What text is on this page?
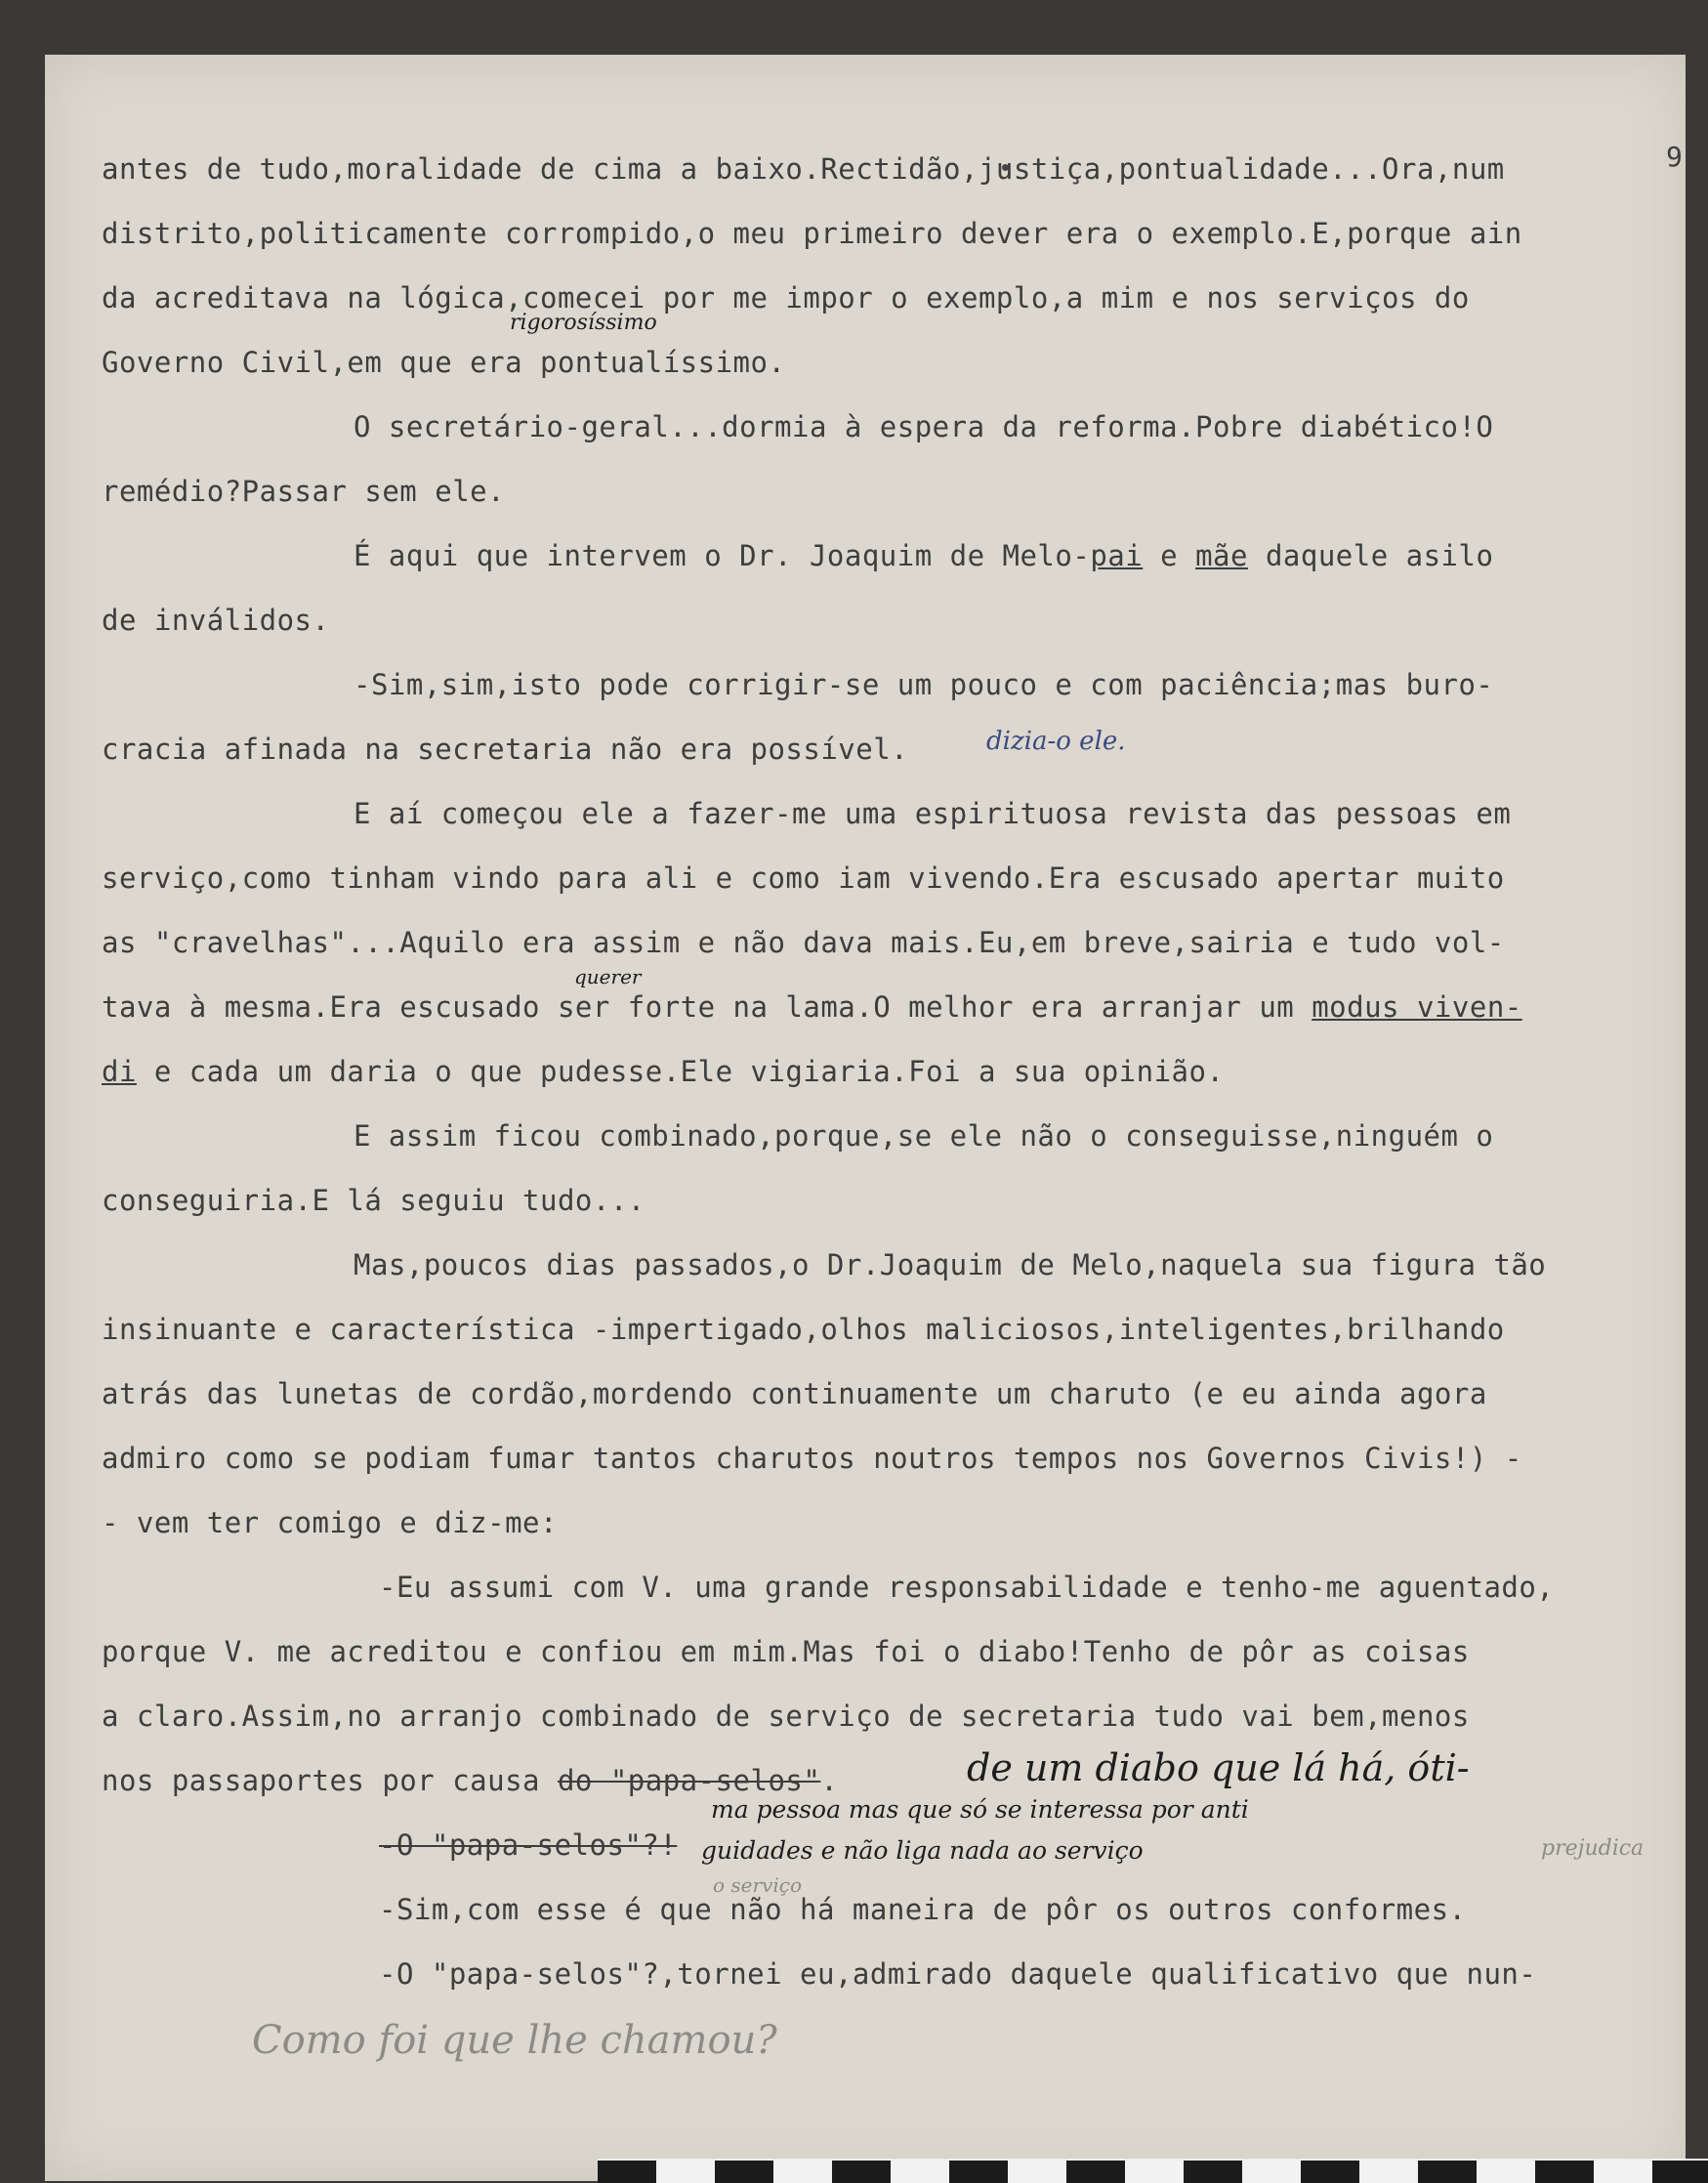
9
antes de tudo,moralidade de cima a baixo.Rectidão,justiça,pontualidade...Ora,num
distrito,politicamente corrompido,o meu primeiro dever era o exemplo.E,porque ain
da acreditava na lógica,comecei por me impor o exemplo,a mim e nos serviços do
Governo Civil,em que era pontualíssimo.
O secretário-geral...dormia à espera da reforma.Pobre diabético!O
remédio?Passar sem ele.
É aqui que intervem o Dr. Joaquim de Melo-pai e mãe daquele asilo
de inválidos.
-Sim,sim,isto pode corrigir-se um pouco e com paciência;mas buro-
cracia afinada na secretaria não era possível.
E aí começou ele a fazer-me uma espirituosa revista das pessoas em
serviço,como tinham vindo para ali e como iam vivendo.Era escusado apertar muito
as "cravelhas"...Aquilo era assim e não dava mais.Eu,em breve,sairia e tudo vol-
tava à mesma.Era escusado ser forte na lama.O melhor era arranjar um modus viven-
di e cada um daria o que pudesse.Ele vigiaria.Foi a sua opinião.
E assim ficou combinado,porque,se ele não o conseguisse,ninguém o
conseguiria.E lá seguiu tudo...
Mas,poucos dias passados,o Dr.Joaquim de Melo,naquela sua figura tão
insinuante e característica -impertigado,olhos maliciosos,inteligentes,brilhando
atrás das lunetas de cordão,mordendo continuamente um charuto (e eu ainda agora
admiro como se podiam fumar tantos charutos noutros tempos nos Governos Civis!) -
- vem ter comigo e diz-me:
-Eu assumi com V. uma grande responsabilidade e tenho-me aguentado,
porque V. me acreditou e confiou em mim.Mas foi o diabo!Tenho de pôr as coisas
a claro.Assim,no arranjo combinado de serviço de secretaria tudo vai bem,menos
nos passaportes por causa do "papa-selos".
-O "papa-selos"?!
-Sim,com esse é que não há maneira de pôr os outros conformes.
-O "papa-selos"?,tornei eu,admirado daquele qualificativo que nun-
rigorosíssimo
dizia-o ele.
querer
de um diabo que lá há, óti-
ma pessoa mas que só se interessa por anti
guidades e não liga nada ao serviço
o serviço
prejudica
Como foi que lhe chamou?
